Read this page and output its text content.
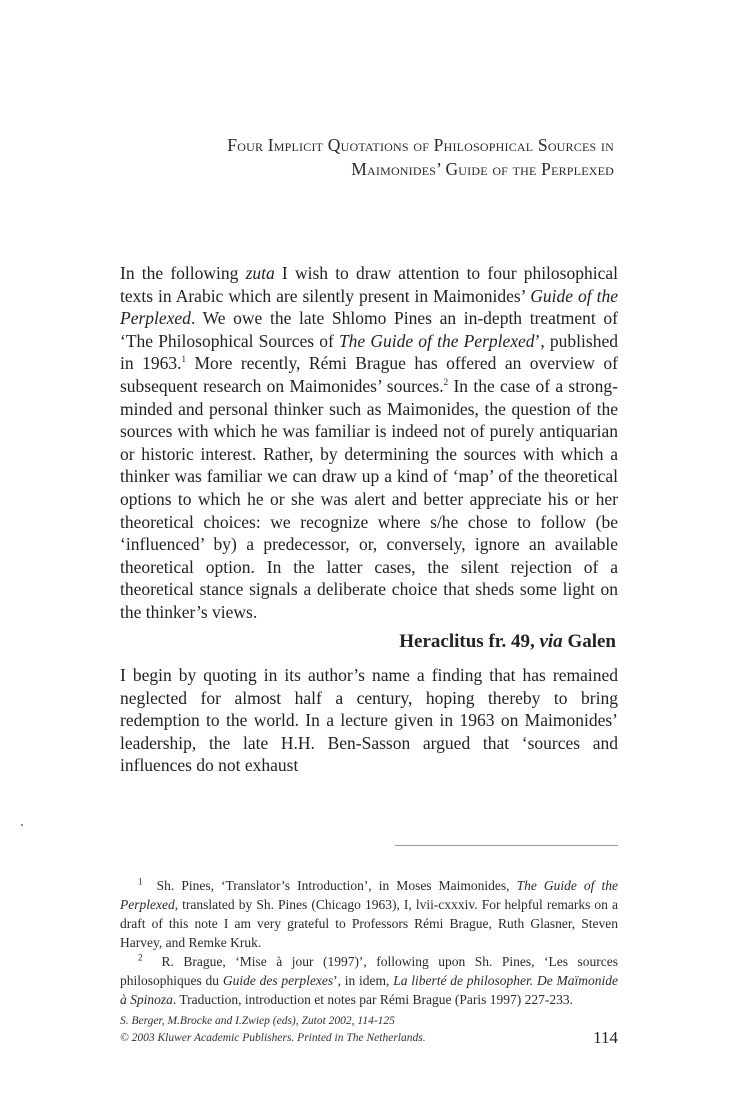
Four Implicit Quotations of Philosophical Sources in
Maimonides’ Guide of the Perplexed

In the following zuta I wish to draw attention to four philosophical texts in Arabic which are silently present in Maimonides’ Guide of the Perplexed. We owe the late Shlomo Pines an in-depth treatment of ‘The Philosophical Sources of The Guide of the Perplexed’, published in 1963.$^1$ More recently, Rémi Brague has offered an overview of subsequent research on Maimonides’ sources.$^2$ In the case of a strong-minded and personal thinker such as Maimonides, the question of the sources with which he was familiar is indeed not of purely antiquarian or historic interest. Rather, by determining the sources with which a thinker was familiar we can draw up a kind of ‘map’ of the theoretical options to which he or she was alert and better appreciate his or her theoretical choices: we recognize where s/he chose to follow (be ‘influenced’ by) a predecessor, or, conversely, ignore an available theoretical option. In the latter cases, the silent rejection of a theoretical stance signals a deliberate choice that sheds some light on the thinker’s views.

Heraclitus fr. 49, via Galen

I begin by quoting in its author’s name a finding that has remained neglected for almost half a century, hoping thereby to bring redemption to the world. In a lecture given in 1963 on Maimonides’ leadership, the late H.H. Ben-Sasson argued that ‘sources and influences do not exhaust

$^1$ Sh. Pines, ‘Translator’s Introduction’, in Moses Maimonides, The Guide of the Perplexed, translated by Sh. Pines (Chicago 1963), I, lvii-cxxxiv. For helpful remarks on a draft of this note I am very grateful to Professors Rémi Brague, Ruth Glasner, Steven Harvey, and Remke Kruk.

$^2$ R. Brague, ‘Mise à jour (1997)’, following upon Sh. Pines, ‘Les sources philosophiques du Guide des perplexes’, in idem, La liberté de philosopher. De Maïmonide à Spinoza. Traduction, introduction et notes par Rémi Brague (Paris 1997) 227-233.

S. Berger, M.Brocke and I.Zwiep (eds), Zutot 2002, 114-125
© 2003 Kluwer Academic Publishers. Printed in The Netherlands.	114
